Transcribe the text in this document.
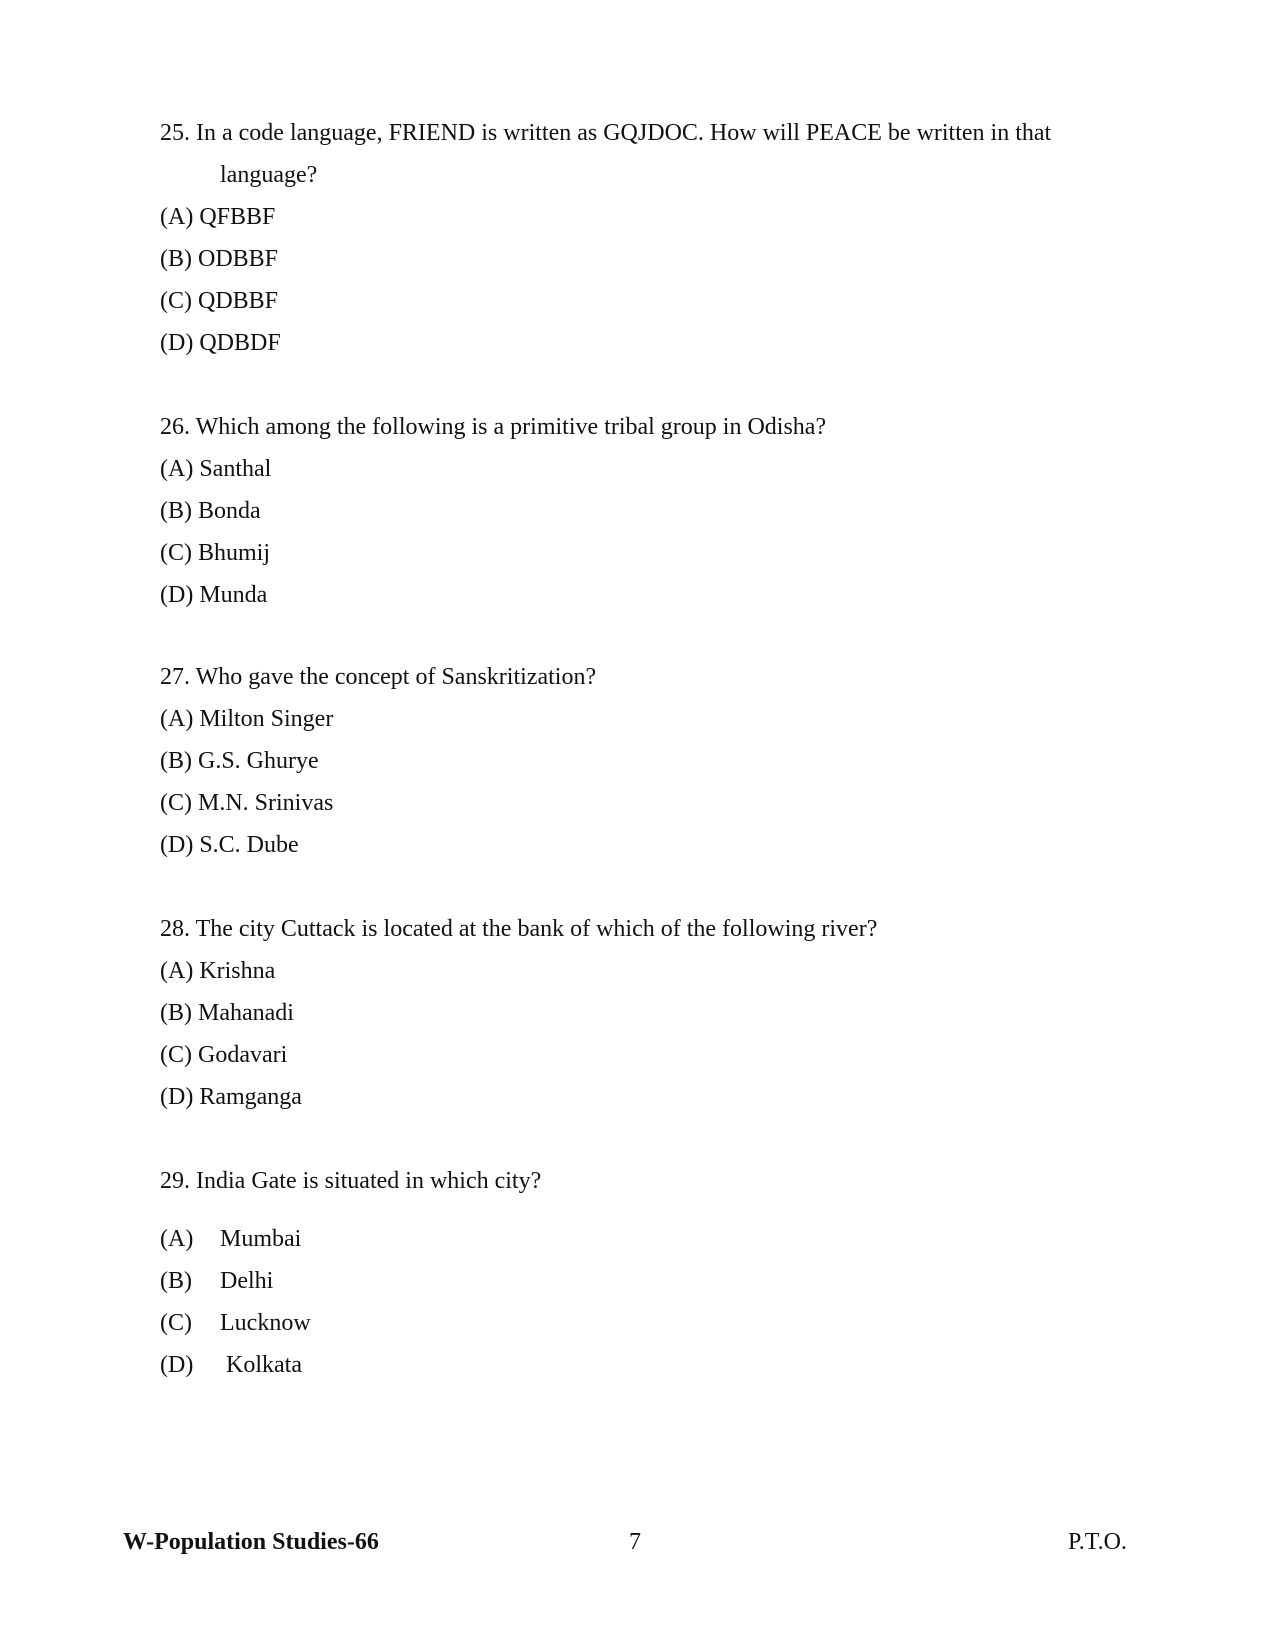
25. In a code language, FRIEND is written as GQJDOC. How will PEACE be written in that
language?
(A) QFBBF
(B) ODBBF
(C) QDBBF
(D) QDBDF
26. Which among the following is a primitive tribal group in Odisha?
(A) Santhal
(B) Bonda
(C) Bhumij
(D) Munda
27. Who gave the concept of Sanskritization?
(A) Milton Singer
(B) G.S. Ghurye
(C) M.N. Srinivas
(D) S.C. Dube
28. The city Cuttack is located at the bank of which of the following river?
(A) Krishna
(B) Mahanadi
(C) Godavari
(D) Ramganga
29. India Gate is situated in which city?
(A) Mumbai
(B) Delhi
(C) Lucknow
(D) Kolkata
W-Population Studies-66	7	P.T.O.
